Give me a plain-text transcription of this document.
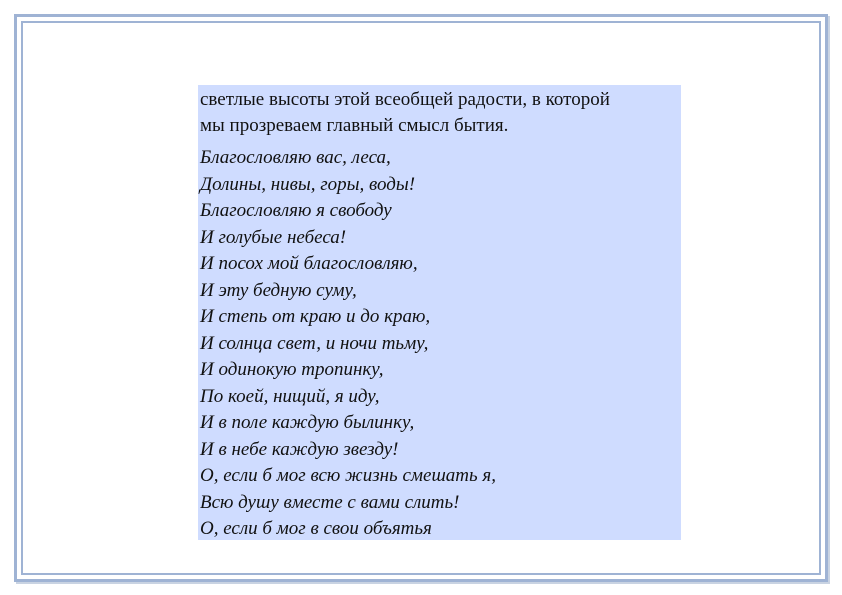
светлые высоты этой всеобщей радости, в которой
мы прозреваем главный смысл бытия.
Благословляю вас, леса,
Долины, нивы, горы, воды!
Благословляю я свободу
И голубые небеса!
И посох мой благословляю,
И эту бедную суму,
И степь от краю и до краю,
И солнца свет, и ночи тьму,
И одинокую тропинку,
По коей, нищий, я иду,
И в поле каждую былинку,
И в небе каждую звезду!
О, если б мог всю жизнь смешать я,
Всю душу вместе с вами слить!
О, если б мог в свои объятья
